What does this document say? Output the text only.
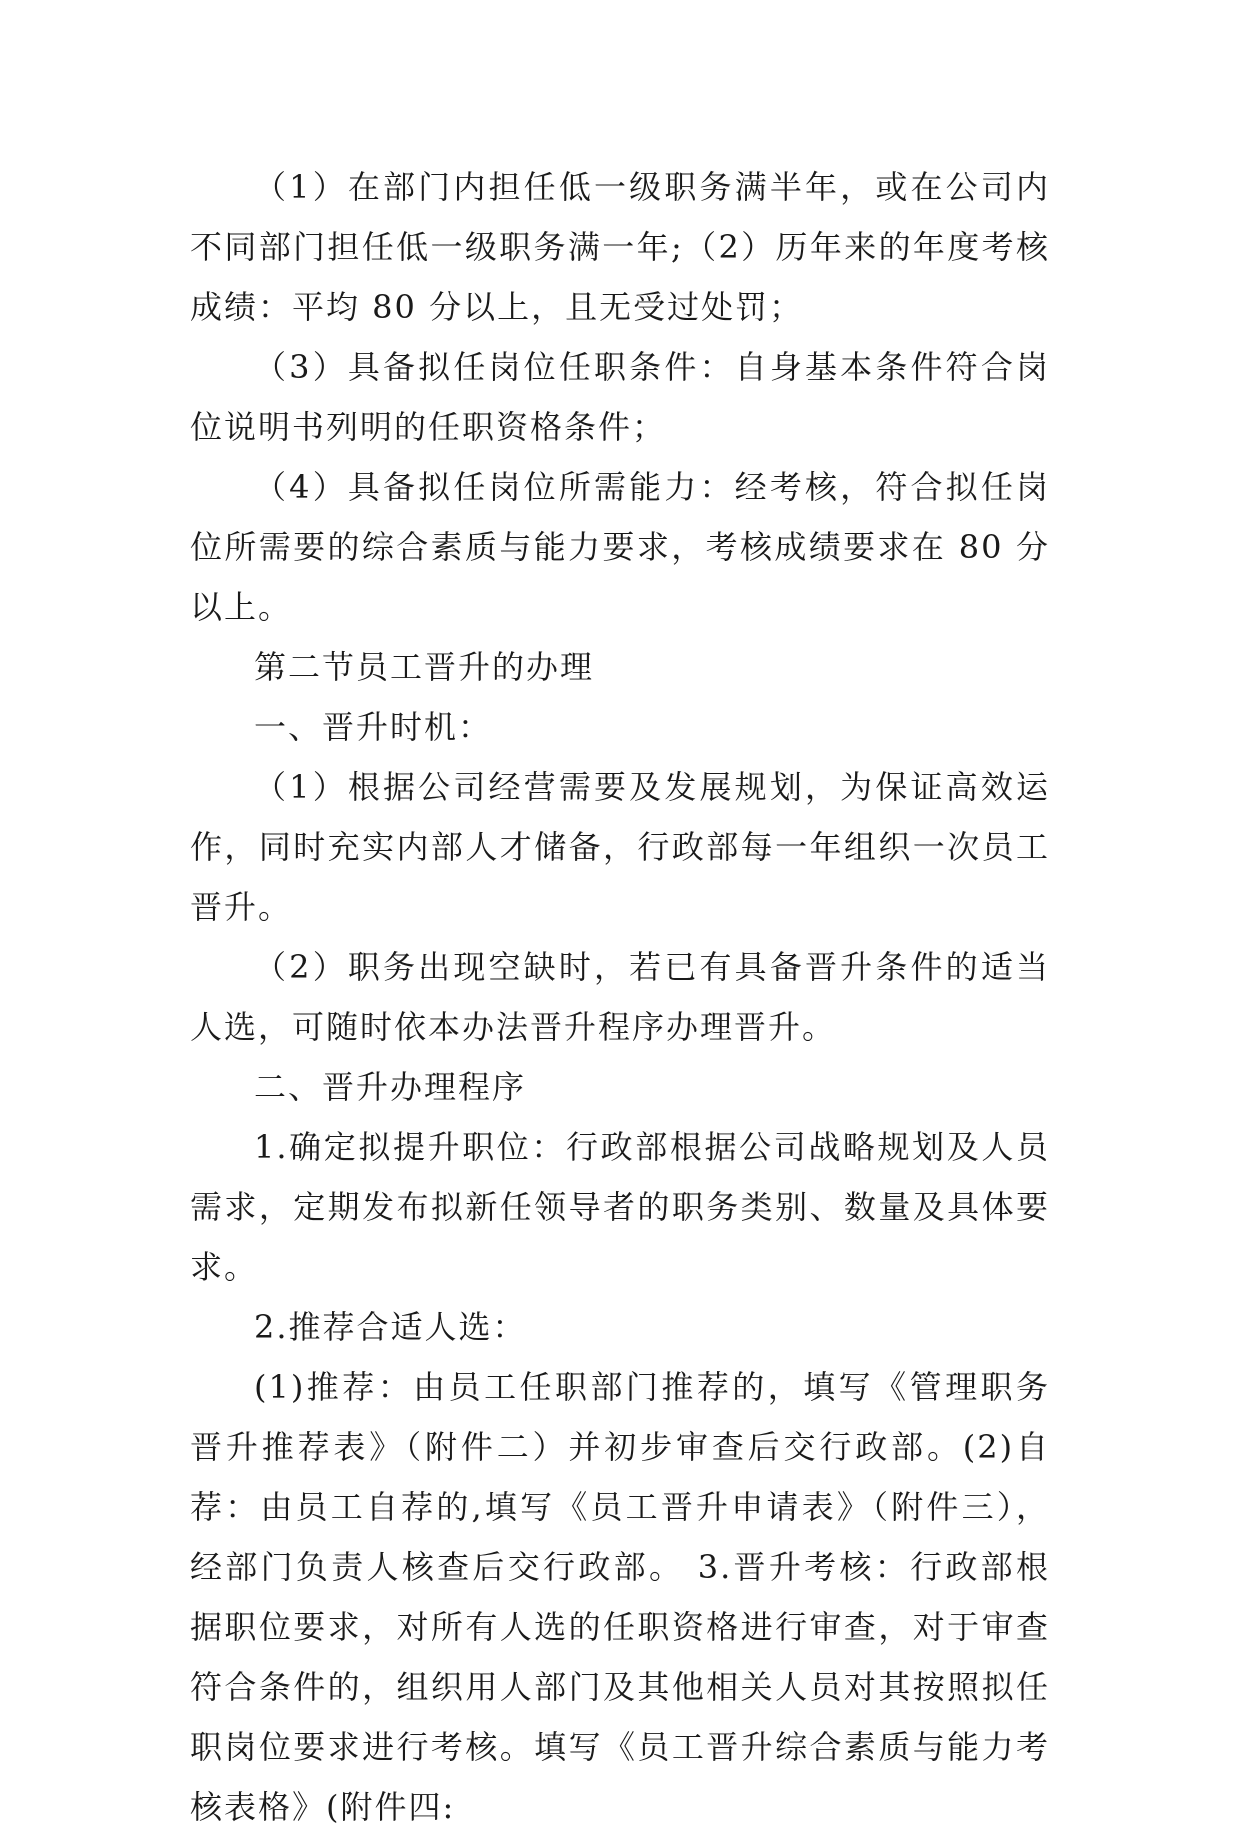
（1）在部门内担任低一级职务满半年，或在公司内不同部门担任低一级职务满一年;（2）历年来的年度考核成绩：平均 80 分以上，且无受过处罚；

（3）具备拟任岗位任职条件：自身基本条件符合岗位说明书列明的任职资格条件；

（4）具备拟任岗位所需能力：经考核，符合拟任岗位所需要的综合素质与能力要求，考核成绩要求在 80 分以上。

第二节员工晋升的办理

一、晋升时机：

（1）根据公司经营需要及发展规划，为保证高效运作，同时充实内部人才储备，行政部每一年组织一次员工晋升。

（2）职务出现空缺时，若已有具备晋升条件的适当人选，可随时依本办法晋升程序办理晋升。

二、晋升办理程序

1.确定拟提升职位：行政部根据公司战略规划及人员需求，定期发布拟新任领导者的职务类别、数量及具体要求。

2.推荐合适人选：

(1)推荐：由员工任职部门推荐的，填写《管理职务晋升推荐表》（附件二）并初步审查后交行政部。(2)自荐：由员工自荐的,填写《员工晋升申请表》（附件三），经部门负责人核查后交行政部。 3.晋升考核：行政部根据职位要求，对所有人选的任职资格进行审查，对于审查符合条件的，组织用人部门及其他相关人员对其按照拟任职岗位要求进行考核。填写《员工晋升综合素质与能力考核表格》(附件四:
